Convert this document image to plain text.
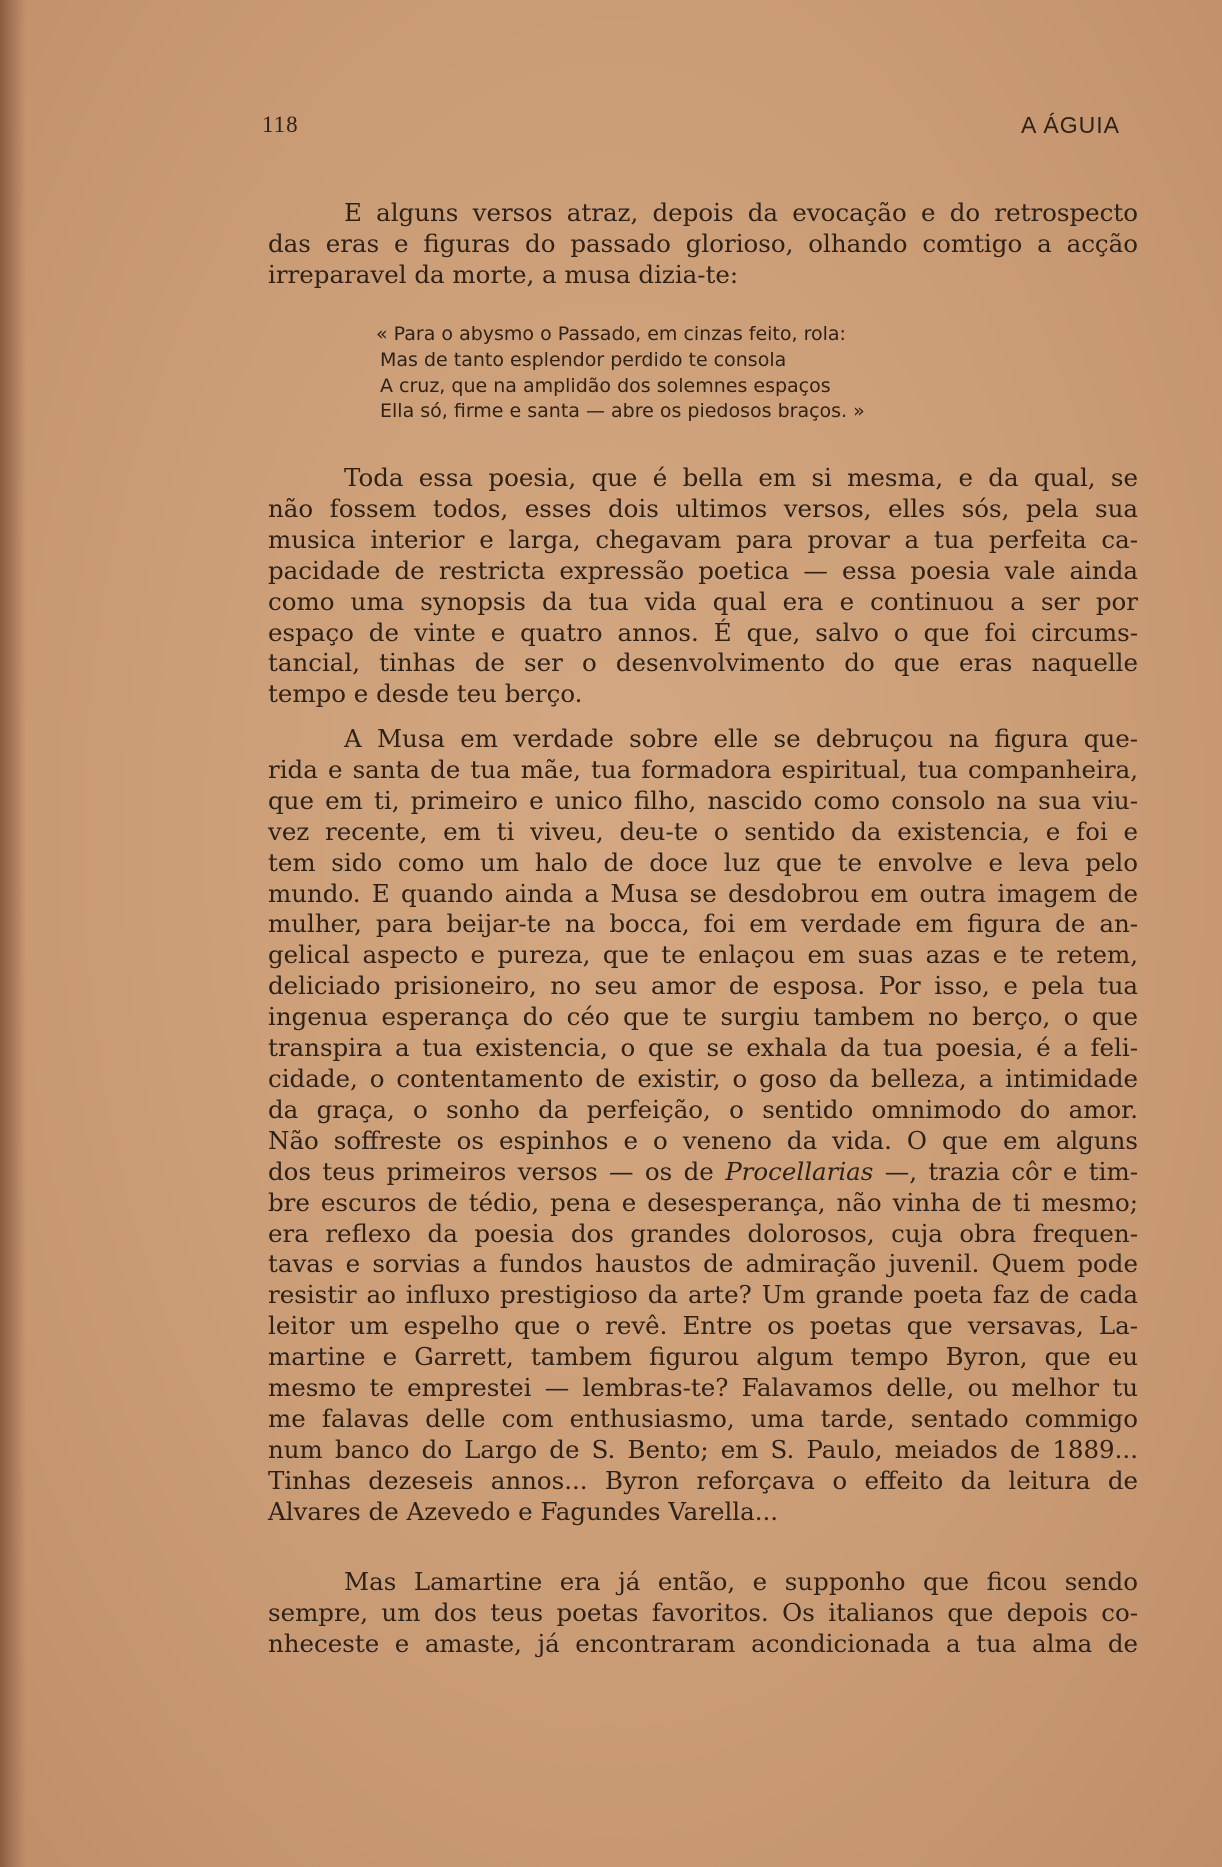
118	A ÁGUIA
E alguns versos atraz, depois da evocação e do retrospecto
das eras e figuras do passado glorioso, olhando comtigo a acção
irreparavel da morte, a musa dizia-te:
« Para o abysmo o Passado, em cinzas feito, rola:
Mas de tanto esplendor perdido te consola
A cruz, que na amplidão dos solemnes espaços
Ella só, firme e santa — abre os piedosos braços. »
Toda essa poesia, que é bella em si mesma, e da qual, se
não fossem todos, esses dois ultimos versos, elles sós, pela sua
musica interior e larga, chegavam para provar a tua perfeita ca-
pacidade de restricta expressão poetica — essa poesia vale ainda
como uma synopsis da tua vida qual era e continuou a ser por
espaço de vinte e quatro annos. É que, salvo o que foi circums-
tancial, tinhas de ser o desenvolvimento do que eras naquelle
tempo e desde teu berço.
A Musa em verdade sobre elle se debruçou na figura que-
rida e santa de tua mãe, tua formadora espiritual, tua companheira,
que em ti, primeiro e unico filho, nascido como consolo na sua viu-
vez recente, em ti viveu, deu-te o sentido da existencia, e foi e
tem sido como um halo de doce luz que te envolve e leva pelo
mundo. E quando ainda a Musa se desdobrou em outra imagem de
mulher, para beijar-te na bocca, foi em verdade em figura de an-
gelical aspecto e pureza, que te enlaçou em suas azas e te retem,
deliciado prisioneiro, no seu amor de esposa. Por isso, e pela tua
ingenua esperança do céo que te surgiu tambem no berço, o que
transpira a tua existencia, o que se exhala da tua poesia, é a feli-
cidade, o contentamento de existir, o goso da belleza, a intimidade
da graça, o sonho da perfeição, o sentido omnimodo do amor.
Não soffreste os espinhos e o veneno da vida. O que em alguns
dos teus primeiros versos — os de Procellarias —, trazia côr e tim-
bre escuros de tédio, pena e desesperança, não vinha de ti mesmo;
era reflexo da poesia dos grandes dolorosos, cuja obra frequen-
tavas e sorvias a fundos haustos de admiração juvenil. Quem pode
resistir ao influxo prestigioso da arte? Um grande poeta faz de cada
leitor um espelho que o revê. Entre os poetas que versavas, La-
martine e Garrett, tambem figurou algum tempo Byron, que eu
mesmo te emprestei — lembras-te? Falavamos delle, ou melhor tu
me falavas delle com enthusiasmo, uma tarde, sentado commigo
num banco do Largo de S. Bento; em S. Paulo, meiados de 1889...
Tinhas dezeseis annos... Byron reforçava o effeito da leitura de
Alvares de Azevedo e Fagundes Varella...
Mas Lamartine era já então, e supponho que ficou sendo
sempre, um dos teus poetas favoritos. Os italianos que depois co-
nheceste e amaste, já encontraram acondicionada a tua alma de
